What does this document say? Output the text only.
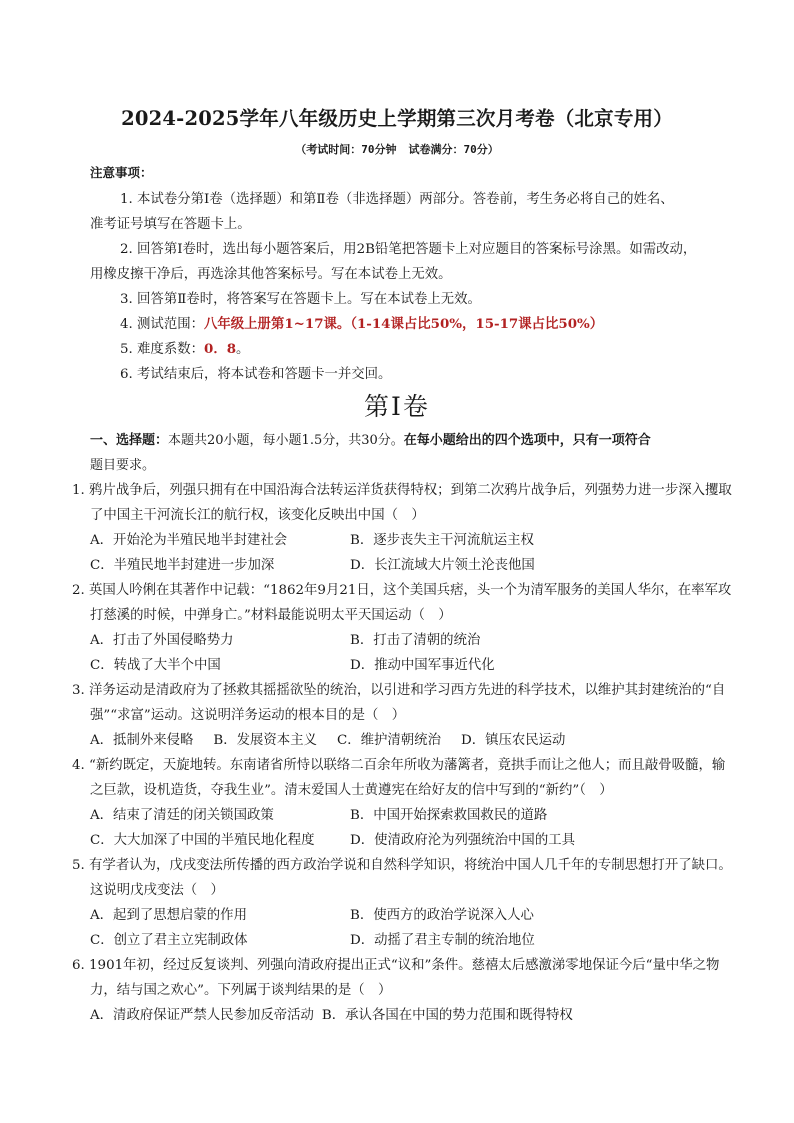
2024-2025学年八年级历史上学期第三次月考卷（北京专用）
（考试时间：70分钟 试卷满分：70分）
注意事项：

1. 本试卷分第Ⅰ卷（选择题）和第Ⅱ卷（非选择题）两部分。答卷前，考生务必将自己的姓名、

准考证号填写在答题卡上。

2. 回答第Ⅰ卷时，选出每小题答案后，用2B铅笔把答题卡上对应题目的答案标号涂黑。如需改动，

用橡皮擦干净后，再选涂其他答案标号。写在本试卷上无效。

3. 回答第Ⅱ卷时，将答案写在答题卡上。写在本试卷上无效。

4. 测试范围：八年级上册第1~17课。（1-14课占比50%，15-17课占比50%）

5. 难度系数：0．8。

6. 考试结束后，将本试卷和答题卡一并交回。

第Ⅰ卷
一、选择题：本题共20小题，每小题1.5分，共30分。在每小题给出的四个选项中，只有一项符合
题目要求。
1. 鸦片战争后，列强只拥有在中国沿海合法转运洋货获得特权；到第二次鸦片战争后，列强势力进一步深入攫取了中国主干河流长江的航行权，该变化反映出中国（　）
A．开始沦为半殖民地半封建社会	B．逐步丧失主干河流航运主权
C．半殖民地半封建进一步加深	D．长江流域大片领土沦丧他国
2. 英国人吟俐在其著作中记载：“1862年9月21日，这个美国兵痞，头一个为清军服务的美国人华尔，在率军攻打慈溪的时候，中弹身亡。”材料最能说明太平天国运动（　）
A．打击了外国侵略势力	B．打击了清朝的统治
C．转战了大半个中国	D．推动中国军事近代化
3. 洋务运动是清政府为了拯救其摇摇欲坠的统治，以引进和学习西方先进的科学技术，以维护其封建统治的“自强”“求富”运动。这说明洋务运动的根本目的是（　）
A．抵制外来侵略 B．发展资本主义 C．维护清朝统治 D．镇压农民运动
4. “新约既定，天旋地转。东南诸省所恃以联络二百余年所收为藩篱者，竟拱手而让之他人；而且敲骨吸髓，输之巨款，设机造货，夺我生业”。清末爱国人士黄遵宪在给好友的信中写到的“新约”（　）
A．结束了清廷的闭关锁国政策	B．中国开始探索救国救民的道路
C．大大加深了中国的半殖民地化程度	D．使清政府沦为列强统治中国的工具
5. 有学者认为，戊戌变法所传播的西方政治学说和自然科学知识，将统治中国人几千年的专制思想打开了缺口。这说明戊戌变法（　）
A．起到了思想启蒙的作用	B．使西方的政治学说深入人心
C．创立了君主立宪制政体	D．动摇了君主专制的统治地位
6. 1901年初，经过反复谈判、列强向清政府提出正式“议和”条件。慈禧太后感激涕零地保证今后“量中华之物力，结与国之欢心”。下列属于谈判结果的是（　）
A．清政府保证严禁人民参加反帝活动 B．承认各国在中国的势力范围和既得特权
